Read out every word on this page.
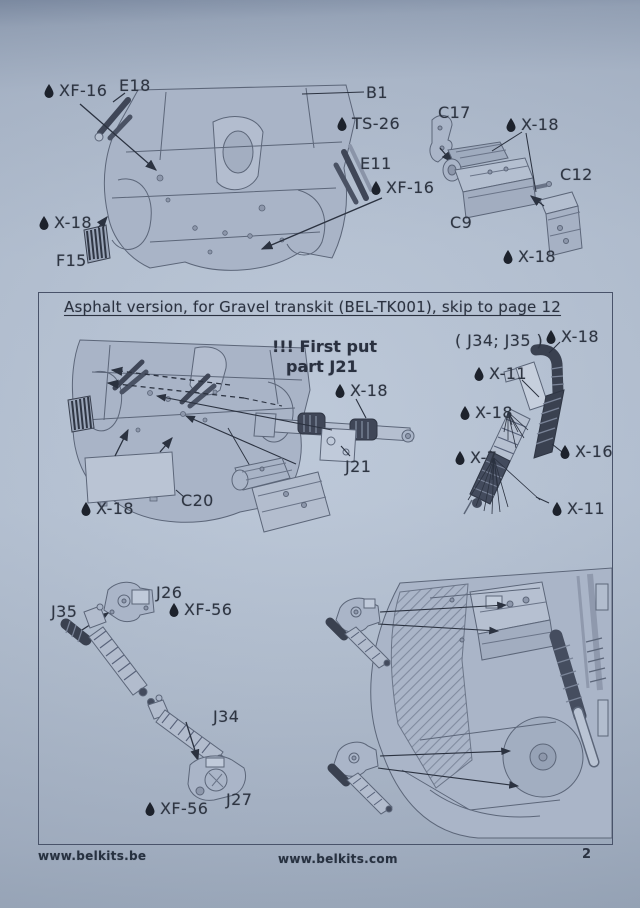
XF-16 E18	B1
TS-26
E11
XF-16
X-18
F15
C17
X-18
C9
C12
X-18
Asphalt version, for Gravel transkit (BEL-TK001), skip to page 12
!!! First put
part J21
X-18
J21
C20
X-18
( J34; J35 ) X-18
X-11
X-18
X-7	X-16
X-11
J35
J26
XF-56
J34
J27
XF-56
www.belkits.be	www.belkits.com	2
